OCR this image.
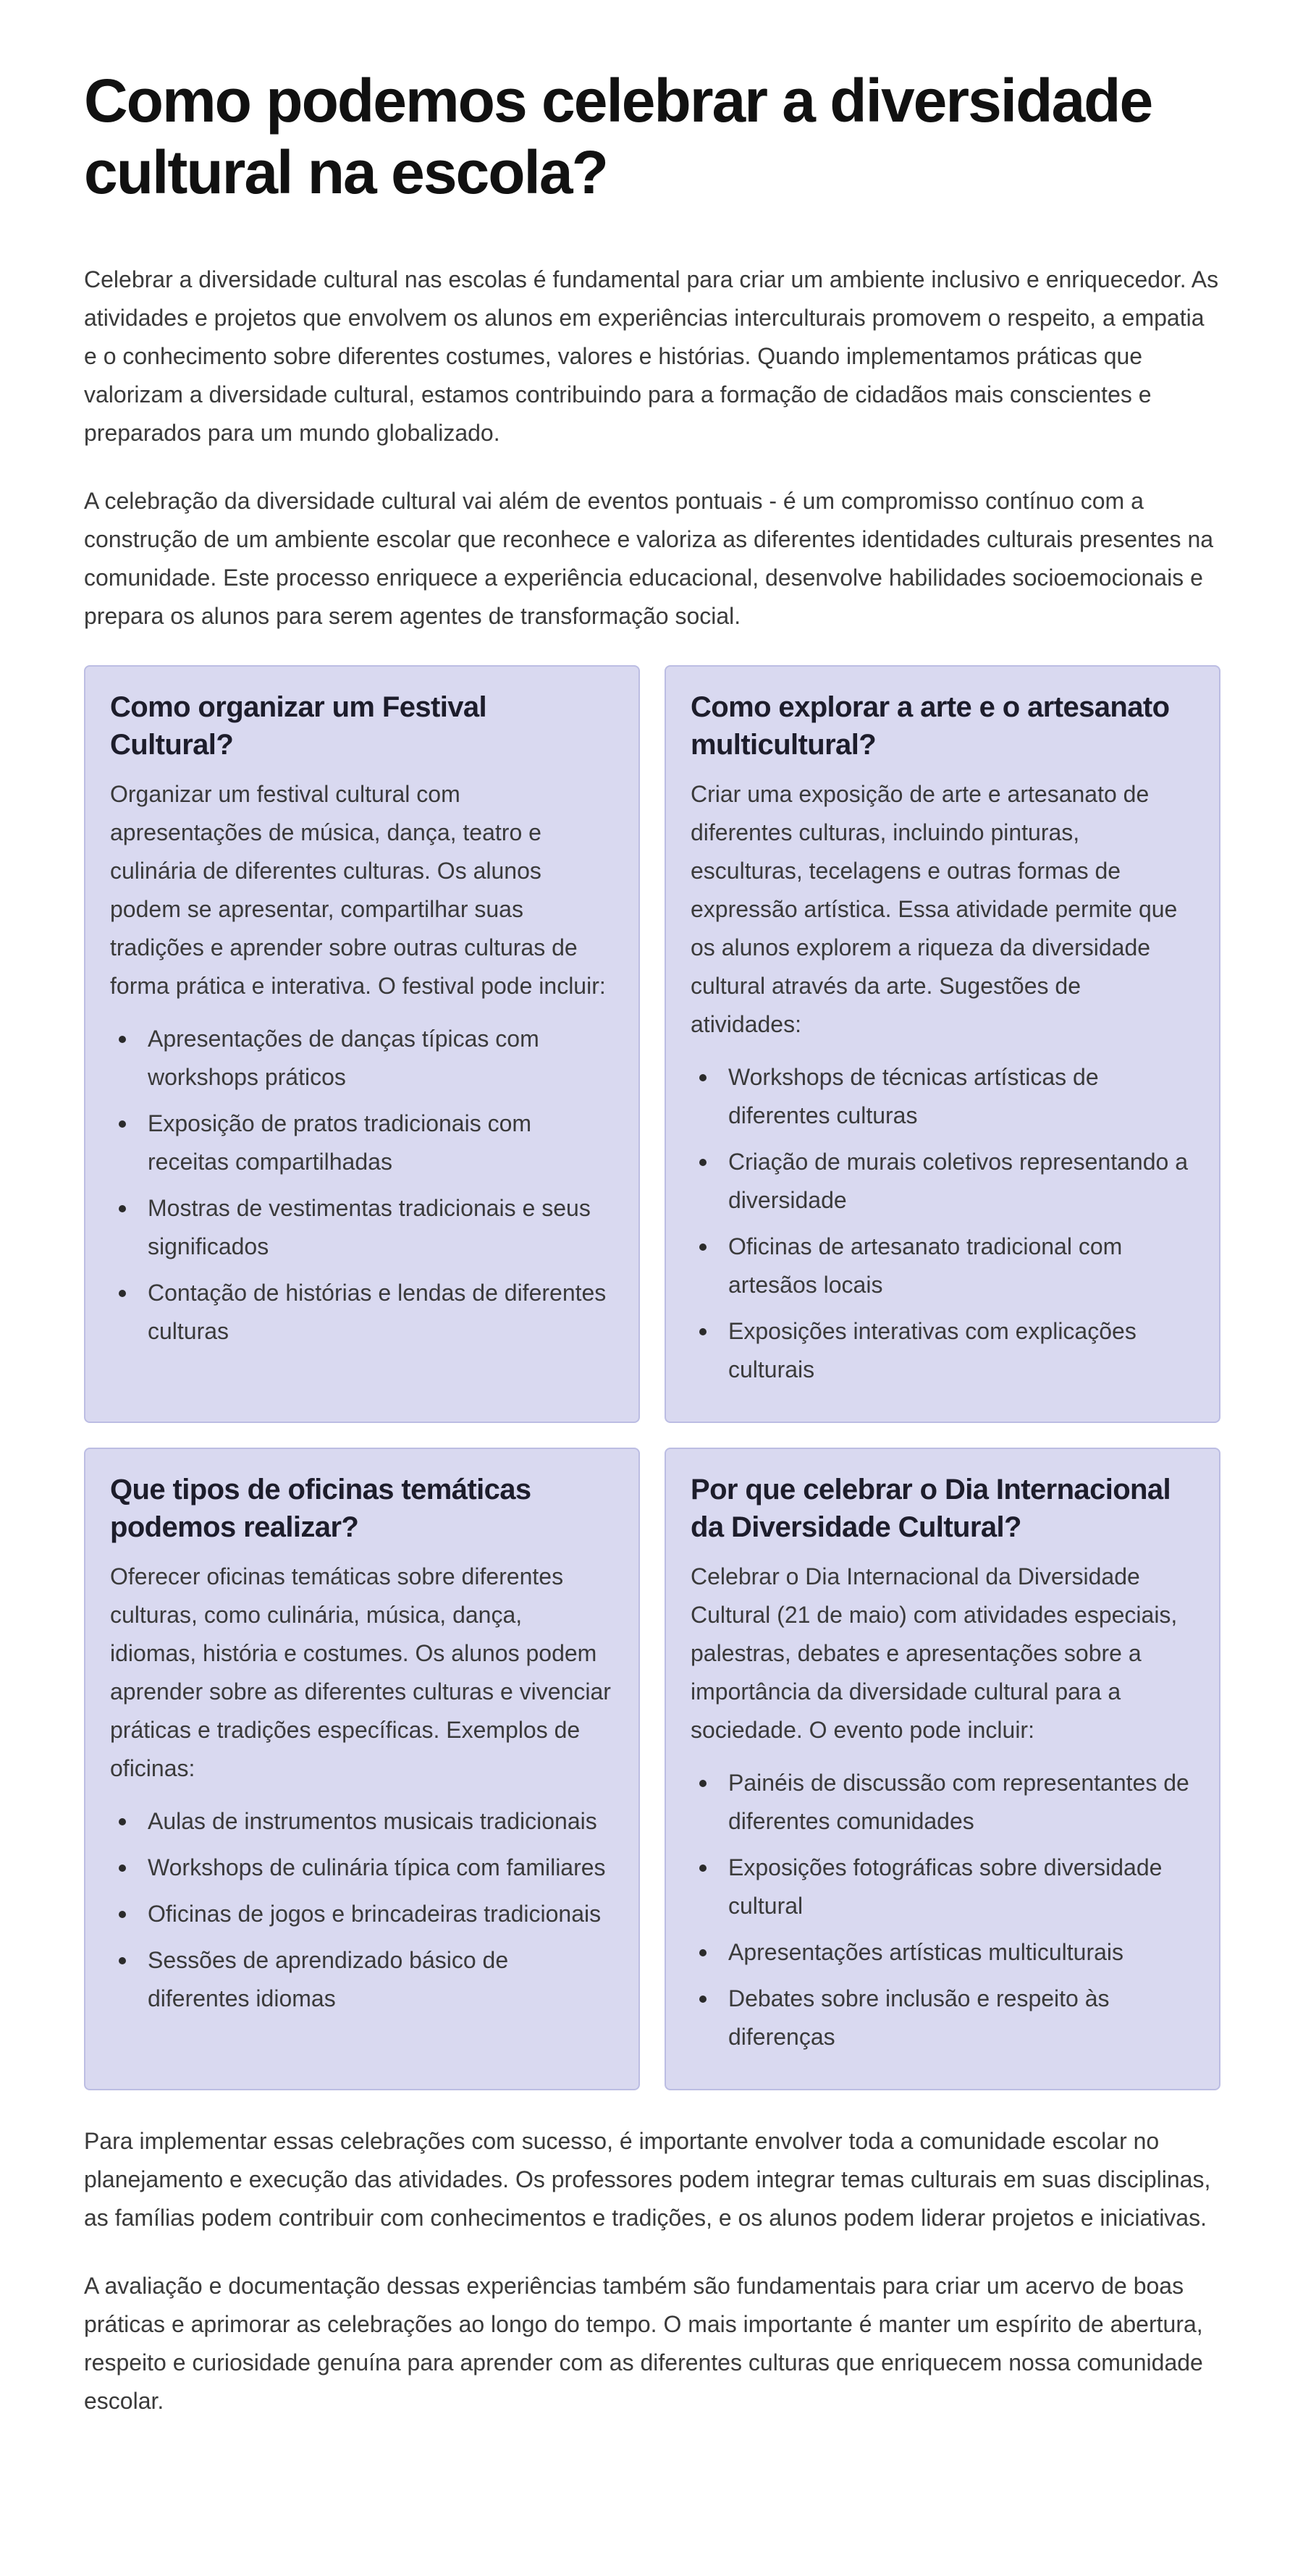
Como podemos celebrar a diversidade cultural na escola?

Celebrar a diversidade cultural nas escolas é fundamental para criar um ambiente inclusivo e enriquecedor. As atividades e projetos que envolvem os alunos em experiências interculturais promovem o respeito, a empatia e o conhecimento sobre diferentes costumes, valores e histórias. Quando implementamos práticas que valorizam a diversidade cultural, estamos contribuindo para a formação de cidadãos mais conscientes e preparados para um mundo globalizado.

A celebração da diversidade cultural vai além de eventos pontuais - é um compromisso contínuo com a construção de um ambiente escolar que reconhece e valoriza as diferentes identidades culturais presentes na comunidade. Este processo enriquece a experiência educacional, desenvolve habilidades socioemocionais e prepara os alunos para serem agentes de transformação social.

Como organizar um Festival Cultural?

Organizar um festival cultural com apresentações de música, dança, teatro e culinária de diferentes culturas. Os alunos podem se apresentar, compartilhar suas tradições e aprender sobre outras culturas de forma prática e interativa. O festival pode incluir:

Apresentações de danças típicas com workshops práticos
Exposição de pratos tradicionais com receitas compartilhadas
Mostras de vestimentas tradicionais e seus significados
Contação de histórias e lendas de diferentes culturas
Como explorar a arte e o artesanato multicultural?

Criar uma exposição de arte e artesanato de diferentes culturas, incluindo pinturas, esculturas, tecelagens e outras formas de expressão artística. Essa atividade permite que os alunos explorem a riqueza da diversidade cultural através da arte. Sugestões de atividades:

Workshops de técnicas artísticas de diferentes culturas
Criação de murais coletivos representando a diversidade
Oficinas de artesanato tradicional com artesãos locais
Exposições interativas com explicações culturais
Que tipos de oficinas temáticas podemos realizar?

Oferecer oficinas temáticas sobre diferentes culturas, como culinária, música, dança, idiomas, história e costumes. Os alunos podem aprender sobre as diferentes culturas e vivenciar práticas e tradições específicas. Exemplos de oficinas:

Aulas de instrumentos musicais tradicionais
Workshops de culinária típica com familiares
Oficinas de jogos e brincadeiras tradicionais
Sessões de aprendizado básico de diferentes idiomas
Por que celebrar o Dia Internacional da Diversidade Cultural?

Celebrar o Dia Internacional da Diversidade Cultural (21 de maio) com atividades especiais, palestras, debates e apresentações sobre a importância da diversidade cultural para a sociedade. O evento pode incluir:

Painéis de discussão com representantes de diferentes comunidades
Exposições fotográficas sobre diversidade cultural
Apresentações artísticas multiculturais
Debates sobre inclusão e respeito às diferenças

Para implementar essas celebrações com sucesso, é importante envolver toda a comunidade escolar no planejamento e execução das atividades. Os professores podem integrar temas culturais em suas disciplinas, as famílias podem contribuir com conhecimentos e tradições, e os alunos podem liderar projetos e iniciativas.

A avaliação e documentação dessas experiências também são fundamentais para criar um acervo de boas práticas e aprimorar as celebrações ao longo do tempo. O mais importante é manter um espírito de abertura, respeito e curiosidade genuína para aprender com as diferentes culturas que enriquecem nossa comunidade escolar.
